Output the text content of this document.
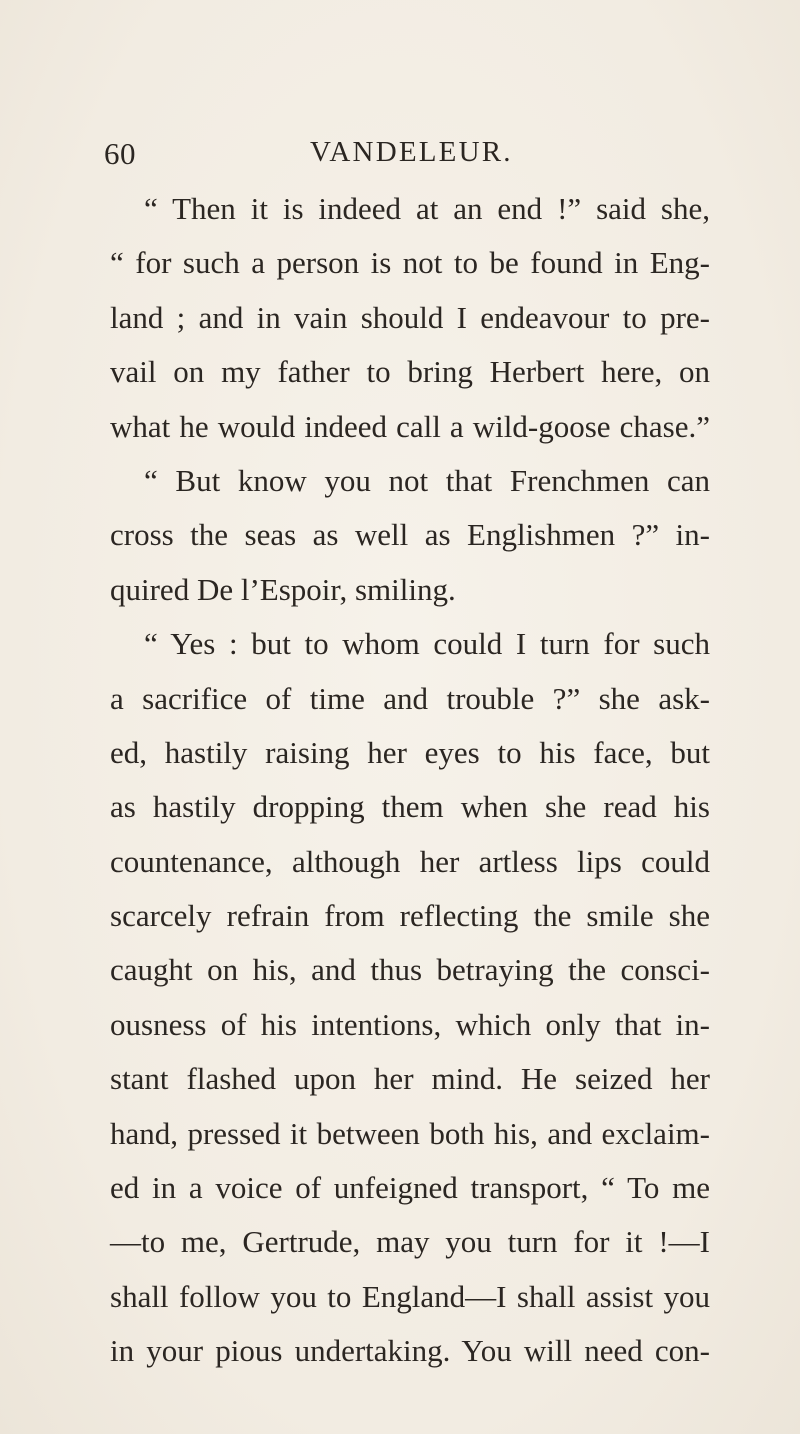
60	VANDELEUR.
“ Then it is indeed at an end !” said she,
“ for such a person is not to be found in Eng-
land ; and in vain should I endeavour to pre-
vail on my father to bring Herbert here, on
what he would indeed call a wild-goose chase.”
“ But know you not that Frenchmen can
cross the seas as well as Englishmen ?” in-
quired De l’Espoir, smiling.
“ Yes : but to whom could I turn for such
a sacrifice of time and trouble ?” she ask-
ed, hastily raising her eyes to his face, but
as hastily dropping them when she read his
countenance, although her artless lips could
scarcely refrain from reflecting the smile she
caught on his, and thus betraying the consci-
ousness of his intentions, which only that in-
stant flashed upon her mind. He seized her
hand, pressed it between both his, and exclaim-
ed in a voice of unfeigned transport, “ To me
—to me, Gertrude, may you turn for it !—I
shall follow you to England—I shall assist you
in your pious undertaking. You will need con-
